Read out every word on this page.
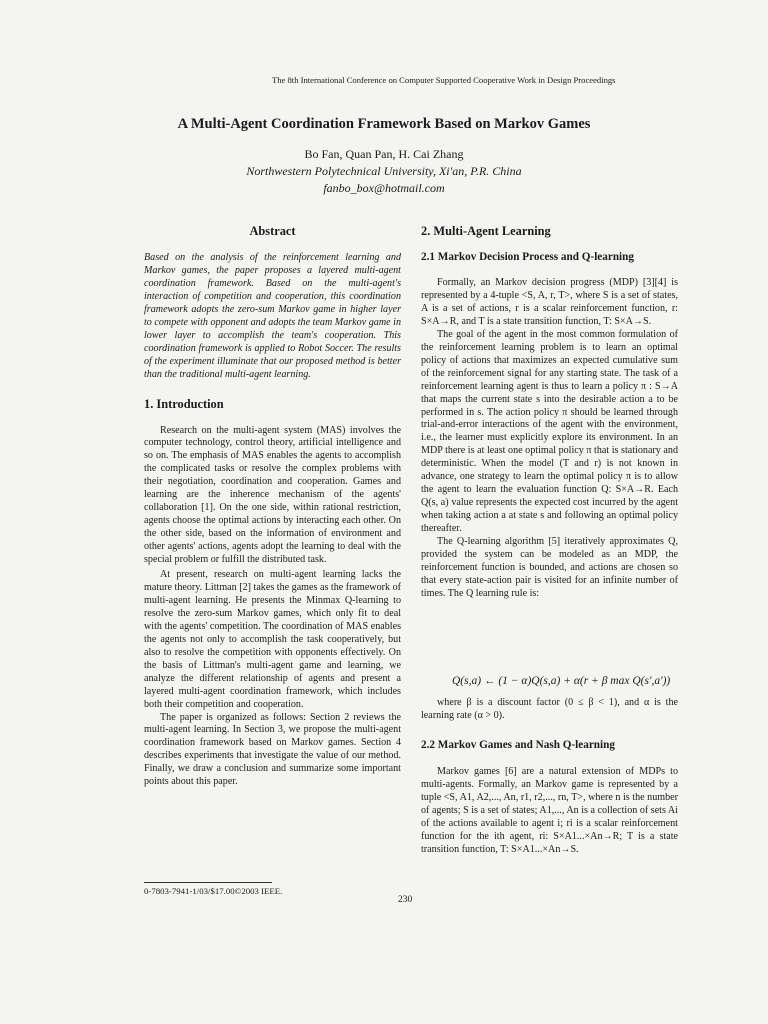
The 8th International Conference on Computer Supported Cooperative Work in Design Proceedings
A Multi-Agent Coordination Framework Based on Markov Games
Bo Fan, Quan Pan, H. Cai Zhang
Northwestern Polytechnical University, Xi'an, P.R. China
fanbo_box@hotmail.com
Abstract

Based on the analysis of the reinforcement learning and Markov games, the paper proposes a layered multi-agent coordination framework. Based on the multi-agent's interaction of competition and cooperation, this coordination framework adopts the zero-sum Markov game in higher layer to compete with opponent and adopts the team Markov game in lower layer to accomplish the team's cooperation. This coordination framework is applied to Robot Soccer. The results of the experiment illuminate that our proposed method is better than the traditional multi-agent learning.

1. Introduction

Research on the multi-agent system (MAS) involves the computer technology, control theory, artificial intelligence and so on. The emphasis of MAS enables the agents to accomplish the complicated tasks or resolve the complex problems with their negotiation, coordination and cooperation. Games and learning are the inherence mechanism of the agents' collaboration [1]. On the one side, within rational restriction, agents choose the optimal actions by interacting each other. On the other side, based on the information of environment and other agents' actions, agents adopt the learning to deal with the special problem or fulfill the distributed task.

At present, research on multi-agent learning lacks the mature theory. Littman [2] takes the games as the framework of multi-agent learning. He presents the Minmax Q-learning to resolve the zero-sum Markov games, which only fit to deal with the agents' competition. The coordination of MAS enables the agents not only to accomplish the task cooperatively, but also to resolve the competition with opponents effectively. On the basis of Littman's multi-agent game and learning, we analyze the different relationship of agents and present a layered multi-agent coordination framework, which includes both their competition and cooperation.

The paper is organized as follows: Section 2 reviews the multi-agent learning. In Section 3, we propose the multi-agent coordination framework based on Markov games. Section 4 describes experiments that investigate the value of our method. Finally, we draw a conclusion and summarize some important points about this paper.

2. Multi-Agent Learning
2.1 Markov Decision Process and Q-learning

Formally, an Markov decision progress (MDP) [3][4] is represented by a 4-tuple <S, A, r, T>, where S is a set of states, A is a set of actions, r is a scalar reinforcement function, r: S×A→R, and T is a state transition function, T: S×A→S.

The goal of the agent in the most common formulation of the reinforcement learning problem is to learn an optimal policy of actions that maximizes an expected cumulative sum of the reinforcement signal for any starting state. The task of a reinforcement learning agent is thus to learn a policy π : S→A that maps the current state s into the desirable action a to be performed in s. The action policy π should be learned through trial-and-error interactions of the agent with the environment, i.e., the learner must explicitly explore its environment. In an MDP there is at least one optimal policy π that is stationary and deterministic. When the model (T and r) is not known in advance, one strategy to learn the optimal policy π is to allow the agent to learn the evaluation function Q: S×A→R. Each Q(s, a) value represents the expected cost incurred by the agent when taking action a at state s and following an optimal policy thereafter.

The Q-learning algorithm [5] iteratively approximates Q, provided the system can be modeled as an MDP, the reinforcement function is bounded, and actions are chosen so that every state-action pair is visited for an infinite number of times. The Q learning rule is:

Q(s,a) ← (1 − α)Q(s,a) + α(r + β max Q(s′,a′))

where β is a discount factor (0 ≤ β < 1), and α is the learning rate (α > 0).

2.2 Markov Games and Nash Q-learning

Markov games [6] are a natural extension of MDPs to multi-agents. Formally, an Markov game is represented by a tuple <S, A1, A2,..., An, r1, r2,..., rn, T>, where n is the number of agents; S is a set of states; A1,..., An is a collection of sets Ai of the actions available to agent i; ri is a scalar reinforcement function for the ith agent, ri: S×A1...×An→R; T is a state transition function, T: S×A1...×An→S.

0-7803-7941-1/03/$17.00©2003 IEEE.
230
